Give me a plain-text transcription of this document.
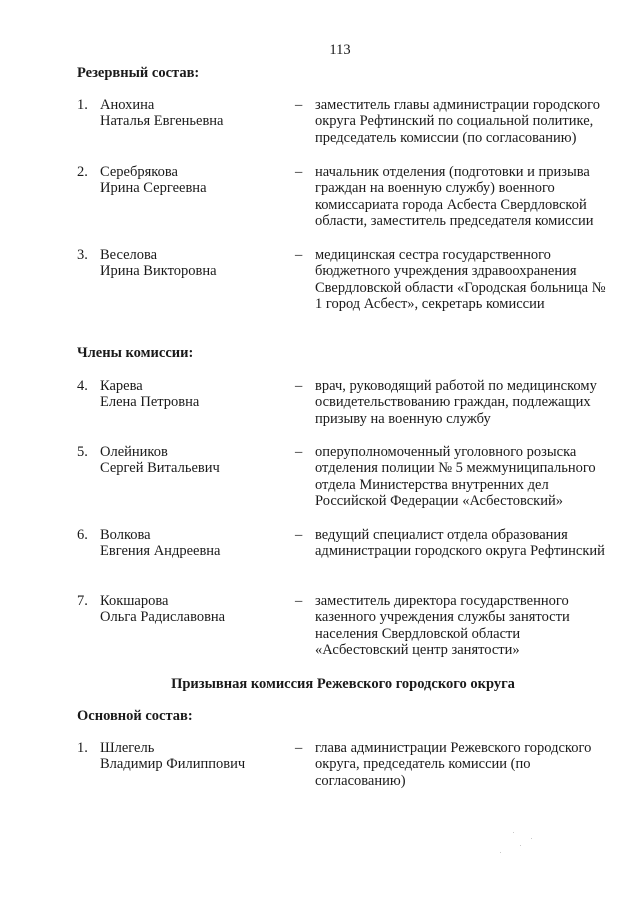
113
Резервный состав:
1. Анохина
Наталья Евгеньевна
– заместитель главы администрации городского округа Рефтинский по социальной политике, председатель комиссии (по согласованию)
2. Серебрякова
Ирина Сергеевна
– начальник отделения (подготовки и призыва граждан на военную службу) военного комиссариата города Асбеста Свердловской области, заместитель председателя комиссии
3. Веселова
Ирина Викторовна
– медицинская сестра государственного бюджетного учреждения здравоохранения Свердловской области «Городская больница № 1 город Асбест», секретарь комиссии
Члены комиссии:
4. Карева
Елена Петровна
– врач, руководящий работой по медицинскому освидетельствованию граждан, подлежащих призыву на военную службу
5. Олейников
Сергей Витальевич
– оперуполномоченный уголовного розыска отделения полиции № 5 межмуниципального отдела Министерства внутренних дел Российской Федерации «Асбестовский»
6. Волкова
Евгения Андреевна
– ведущий специалист отдела образования администрации городского округа Рефтинский
7. Кокшарова
Ольга Радиславовна
– заместитель директора государственного казенного учреждения службы занятости населения Свердловской области «Асбестовский центр занятости»
Призывная комиссия Режевского городского округа
Основной состав:
1. Шлегель
Владимир Филиппович
– глава администрации Режевского городского округа, председатель комиссии (по согласованию)
